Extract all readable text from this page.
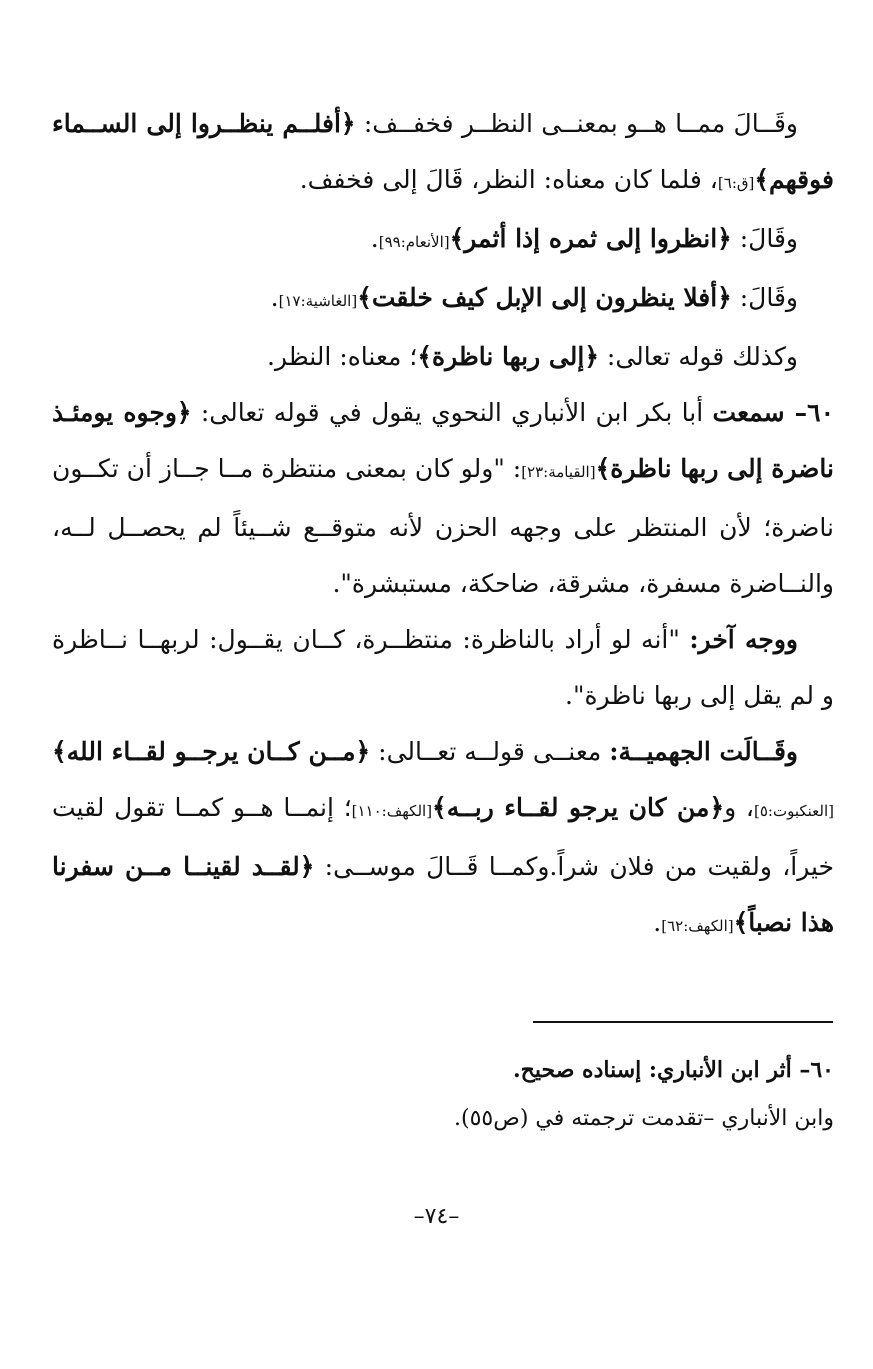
وقَــالَ ممــا هــو بمعنــى النظــر فخفــف: ﴿أفلــم ينظــروا إلى الســماء فوقهم﴾[ق:٦]، فلما كان معناه: النظر، قَالَ إلى فخفف.
وقَالَ: ﴿انظروا إلى ثمره إذا أثمر﴾[الأنعام:٩٩].
وقَالَ: ﴿أفلا ينظرون إلى الإبل كيف خلقت﴾[الغاشية:١٧].
وكذلك قوله تعالى: ﴿إلى ربها ناظرة﴾؛ معناه: النظر.
٦٠– سمعت أبا بكر ابن الأنباري النحوي يقول في قوله تعالى: ﴿وجوه يومئـذ ناضرة إلى ربها ناظرة﴾[القيامة:٢٣]: "ولو كان بمعنى منتظرة مــا جــاز أن تكــون ناضرة؛ لأن المنتظر على وجهه الحزن لأنه متوقــع شــيئاً لم يحصــل لــه، والنــاضرة مسفرة، مشرقة، ضاحكة، مستبشرة".
ووجه آخر: "أنه لو أراد بالناظرة: منتظــرة، كــان يقــول: لربهــا نــاظرة و لم يقل إلى ربها ناظرة".
وقَــالَت الجهميــة: معنــى قولــه تعــالى: ﴿مــن كــان يرجــو لقــاء الله﴾[العنكبوت:٥]، و﴿من كان يرجو لقــاء ربــه﴾[الكهف:١١٠]؛ إنمــا هــو كمــا تقول لقيت خيراً، ولقيت من فلان شراً.وكمــا قَــالَ موســى: ﴿لقــد لقينــا مــن سفرنا هذا نصباً﴾[الكهف:٦٢].
٦٠– أثر ابن الأنباري: إسناده صحيح.
وابن الأنباري –تقدمت ترجمته في (ص٥٥).
–٧٤–
